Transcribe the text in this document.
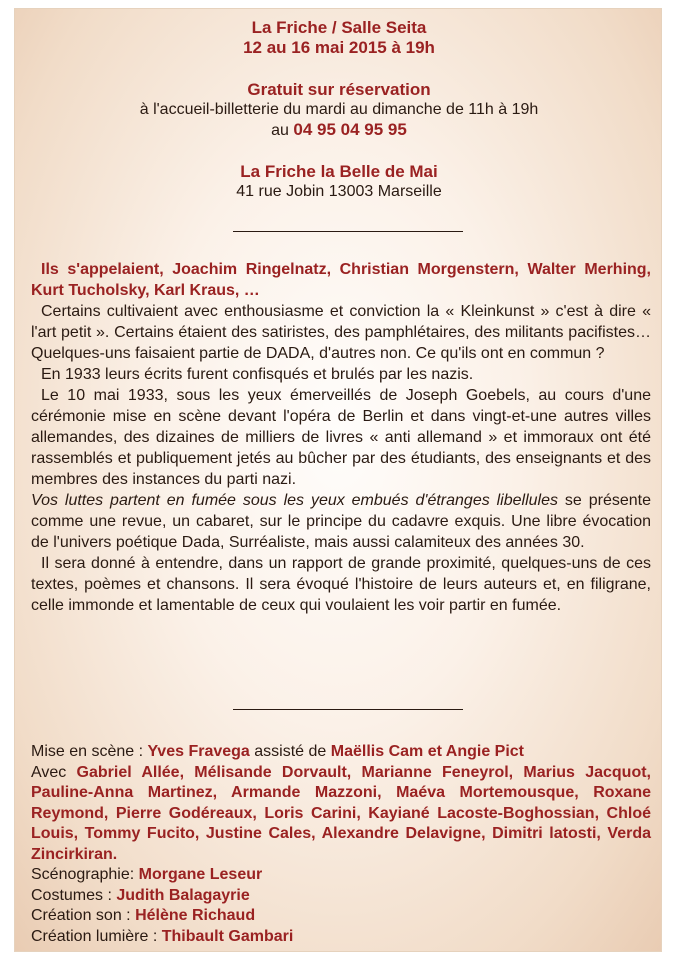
La Friche / Salle Seita
12 au 16 mai 2015 à 19h
Gratuit sur réservation
à l'accueil-billetterie du mardi au dimanche de 11h à 19h
au 04 95 04 95 95
La Friche la Belle de Mai
41 rue Jobin 13003 Marseille

Ils s'appelaient, Joachim Ringelnatz, Christian Morgenstern, Walter Merhing, Kurt Tucholsky, Karl Kraus, …

Certains cultivaient avec enthousiasme et conviction la « Kleinkunst » c'est à dire « l'art petit ». Certains étaient des satiristes, des pamphlétaires, des militants pacifistes… Quelques-uns faisaient partie de DADA, d'autres non. Ce qu'ils ont en commun ?

En 1933 leurs écrits furent confisqués et brulés par les nazis.

Le 10 mai 1933, sous les yeux émerveillés de Joseph Goebels, au cours d'une cérémonie mise en scène devant l'opéra de Berlin et dans vingt-et-une autres villes allemandes, des dizaines de milliers de livres « anti allemand » et immoraux ont été rassemblés et publiquement jetés au bûcher par des étudiants, des enseignants et des membres des instances du parti nazi.

Vos luttes partent en fumée sous les yeux embués d'étranges libellules se présente comme une revue, un cabaret, sur le principe du cadavre exquis. Une libre évocation de l'univers poétique Dada, Surréaliste, mais aussi calamiteux des années 30.

Il sera donné à entendre, dans un rapport de grande proximité, quelques-uns de ces textes, poèmes et chansons. Il sera évoqué l'histoire de leurs auteurs et, en filigrane, celle immonde et lamentable de ceux qui voulaient les voir partir en fumée.

Mise en scène : Yves Fravega assisté de Maëllis Cam et Angie Pict

Avec Gabriel Allée, Mélisande Dorvault, Marianne Feneyrol, Marius Jacquot, Pauline-Anna Martinez, Armande Mazzoni, Maéva Mortemousque, Roxane Reymond, Pierre Godéreaux, Loris Carini, Kayiané Lacoste-Boghossian, Chloé Louis, Tommy Fucito, Justine Cales, Alexandre Delavigne, Dimitri latosti, Verda Zincirkiran.

Scénographie: Morgane Leseur

Costumes : Judith Balagayrie

Création son : Hélène Richaud

Création lumière : Thibault Gambari
